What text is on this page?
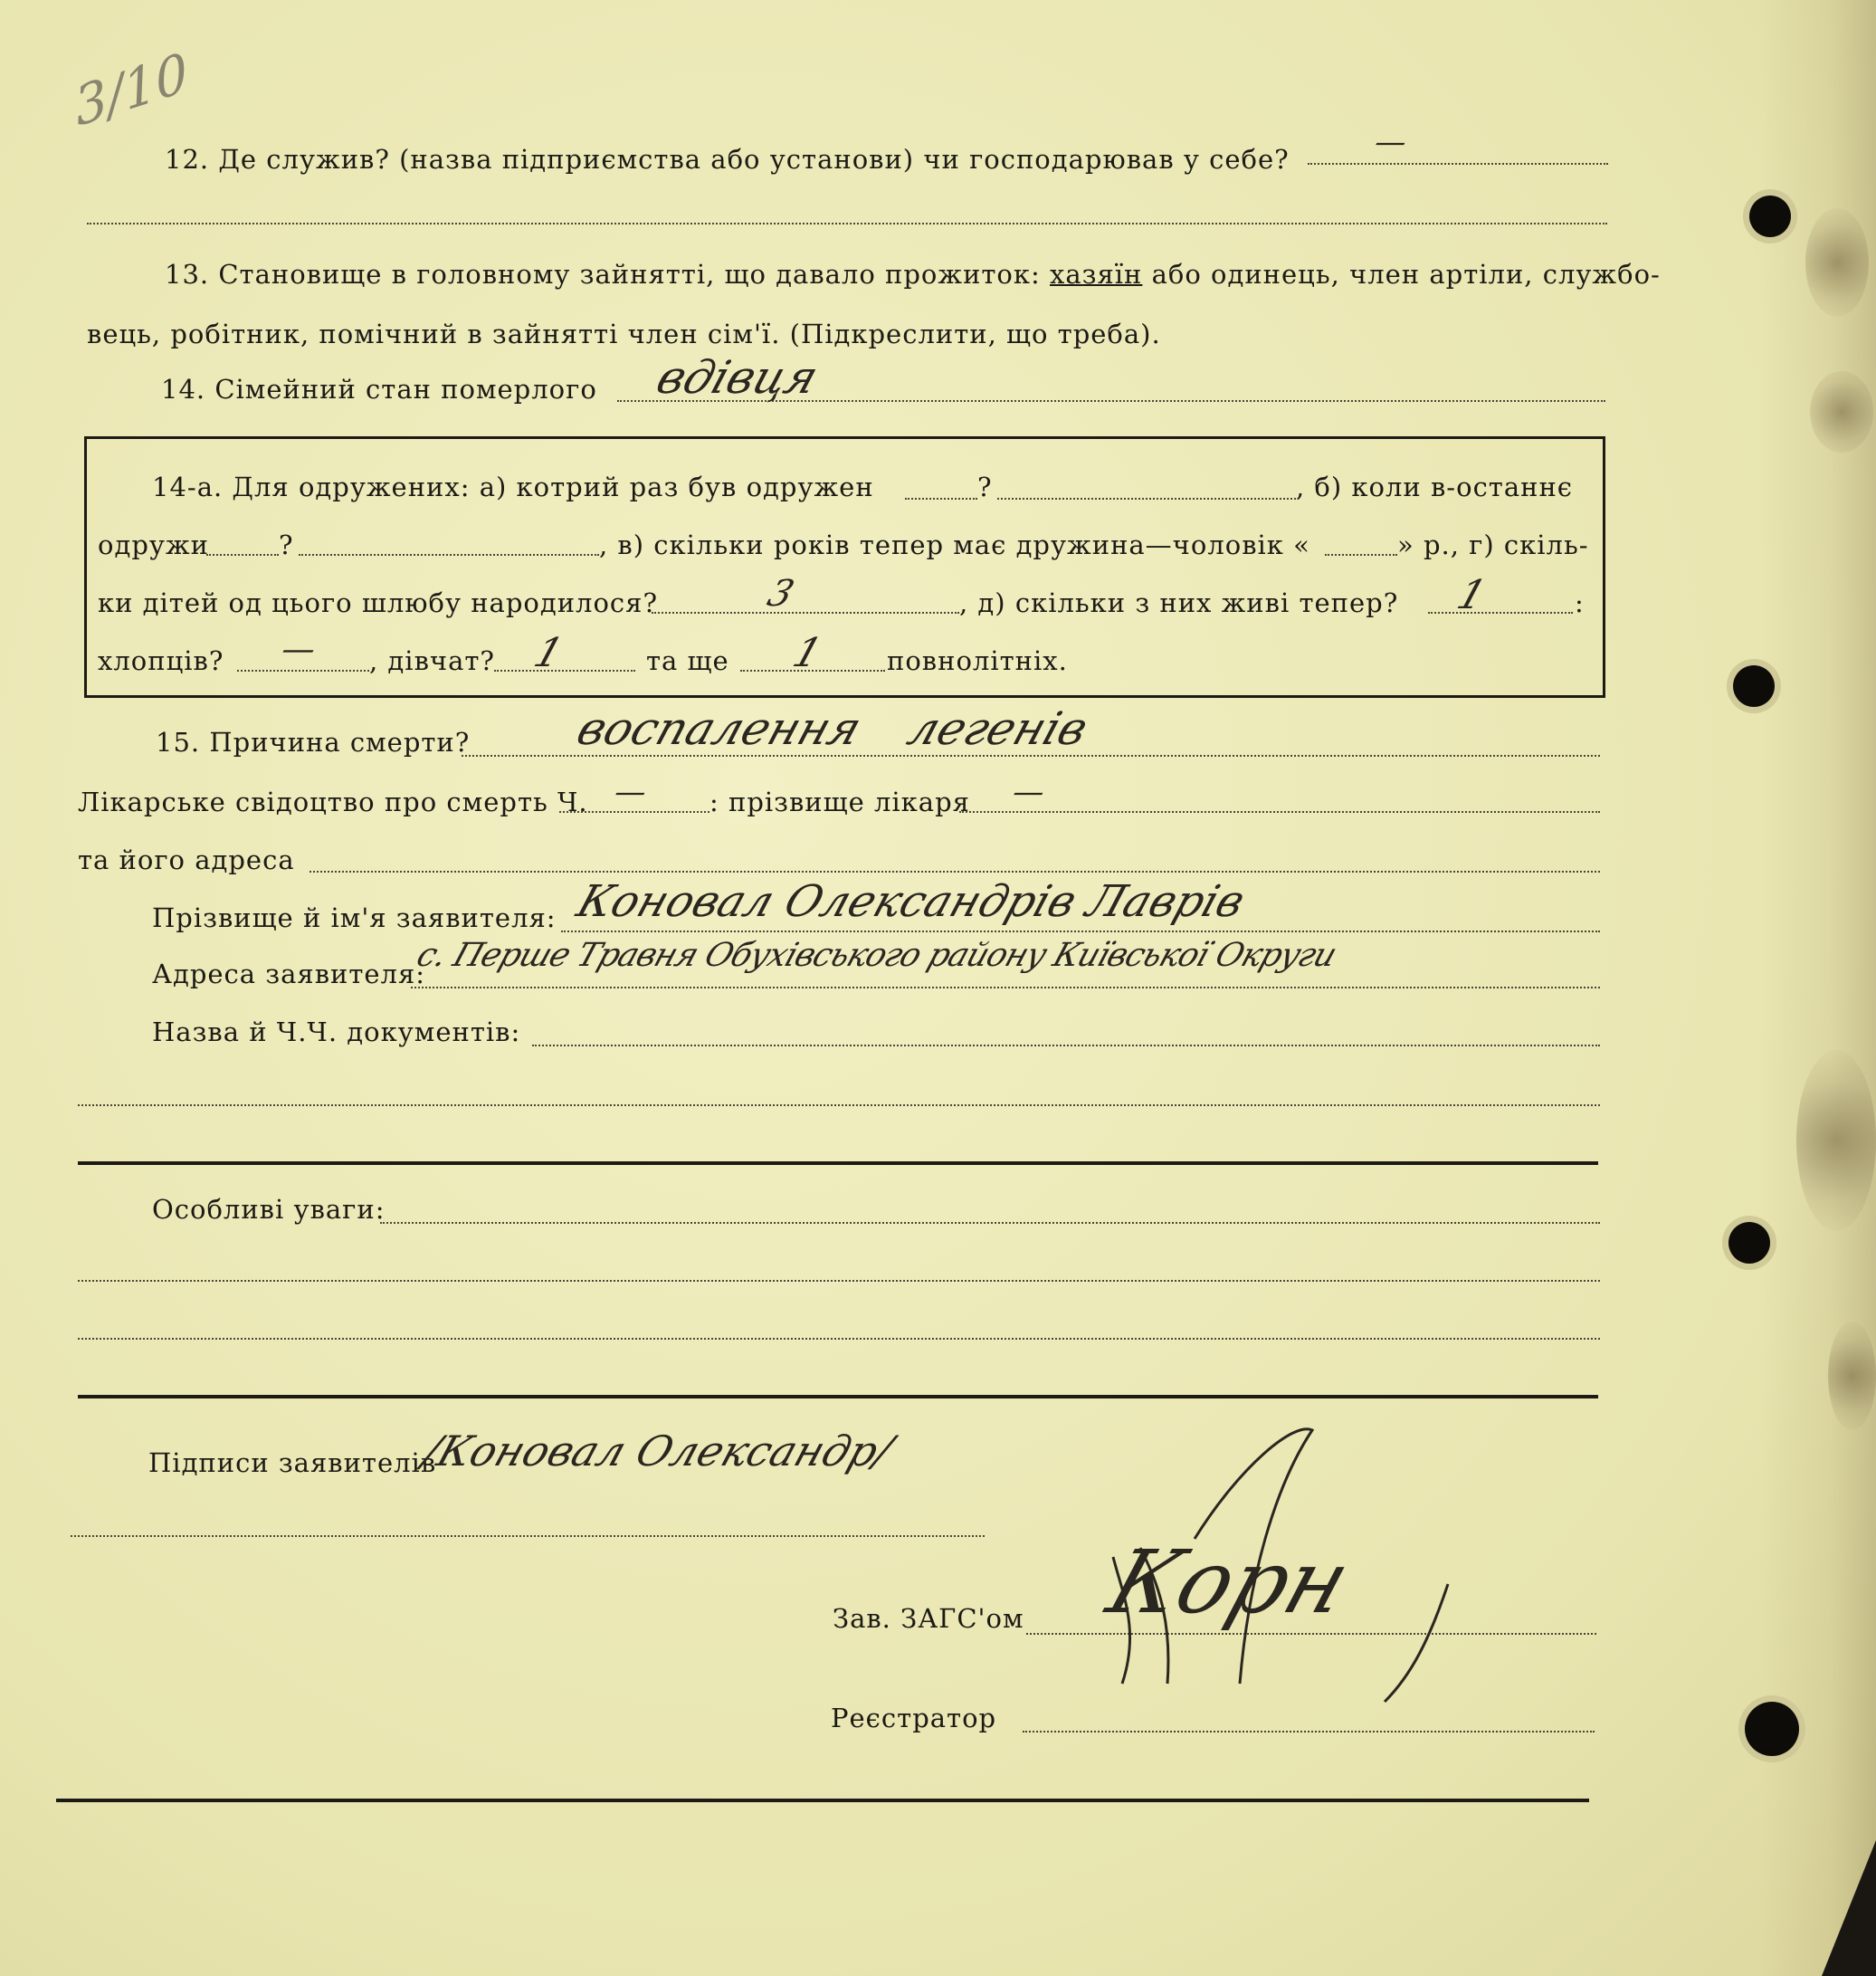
3/10
12. Де служив? (назва підприємства або установи) чи господарював у себе?	—
13. Становище в головному зайнятті, що давало прожиток: хазяїн або одинець, член артіли, службо-
вець, робітник, помічний в зайнятті член сім'ї. (Підкреслити, що треба).
14. Сімейний стан померлого вдівця
14-а. Для одружених: а) котрий раз був одружен	?	, б) коли в-останнє
одружи	?	, в) скільки років тепер має дружина—чоловік «	» р., г) скіль-
ки дітей од цього шлюбу народилося?	3	, д) скільки з них живі тепер? 1	:
хлопців? — , дівчат? 1	та ще 1 повнолітніх.
15. Причина смерти? воспалення легенів
Лікарське свідоцтво про смерть Ч. — : прізвище лікаря —
та його адреса
Прізвище й ім'я заявителя: Коновал Олександрів Лаврів
Адреса заявителя:
с. Перше Травня Обухівського району Київської Округи
Назва й Ч.Ч. документів:
Особливі уваги:
Підписи заявителів
/Коновал Олександр/
Зав. ЗАГС'ом Корн
Реєстратор
